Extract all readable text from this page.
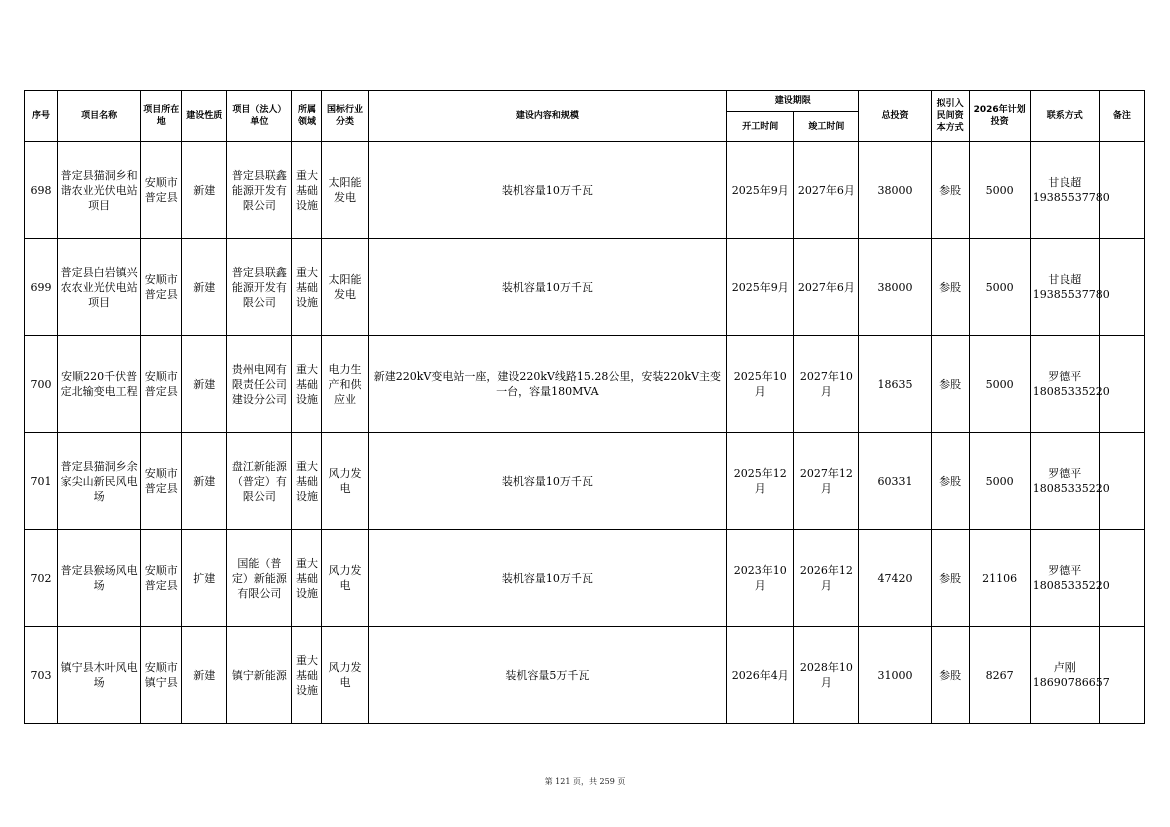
序号	项目名称	项目所在地	建设性质	项目（法人）单位	所属领域	国标行业分类	建设内容和规模	建设期限		总投资	拟引入民间资本方式	2026年计划投资	联系方式	备注
								开工时间	竣工时间					
698	普定县猫洞乡和谐农业光伏电站项目	安顺市普定县	新建	普定县联鑫能源开发有限公司	重大基础设施	太阳能发电	装机容量10万千瓦	2025年9月	2027年6月	38000	参股	5000	甘良超
19385537780	

699	普定县白岩镇兴农农业光伏电站项目	安顺市普定县	新建	普定县联鑫能源开发有限公司	重大基础设施	太阳能发电	装机容量10万千瓦	2025年9月	2027年6月	38000	参股	5000	甘良超
19385537780	

700	安顺220千伏普定北输变电工程	安顺市普定县	新建	贵州电网有限责任公司建设分公司	重大基础设施	电力生产和供应业	新建220kV变电站一座，建设220kV线路15.28公里，安装220kV主变一台，容量180MVA	2025年10月	2027年10月	18635	参股	5000	罗德平
18085335220	

701	普定县猫洞乡余家尖山新民风电场	安顺市普定县	新建	盘江新能源（普定）有限公司	重大基础设施	风力发电	装机容量10万千瓦	2025年12月	2027年12月	60331	参股	5000	罗德平
18085335220	

702	普定县猴场风电场	安顺市普定县	扩建	国能（普定）新能源有限公司	重大基础设施	风力发电	装机容量10万千瓦	2023年10月	2026年12月	47420	参股	21106	罗德平
18085335220	

703	镇宁县木叶风电场	安顺市镇宁县	新建	镇宁新能源	重大基础设施	风力发电	装机容量5万千瓦	2026年4月	2028年10月	31000	参股	8267	卢刚
18690786657	

第 121 页，共 259 页
